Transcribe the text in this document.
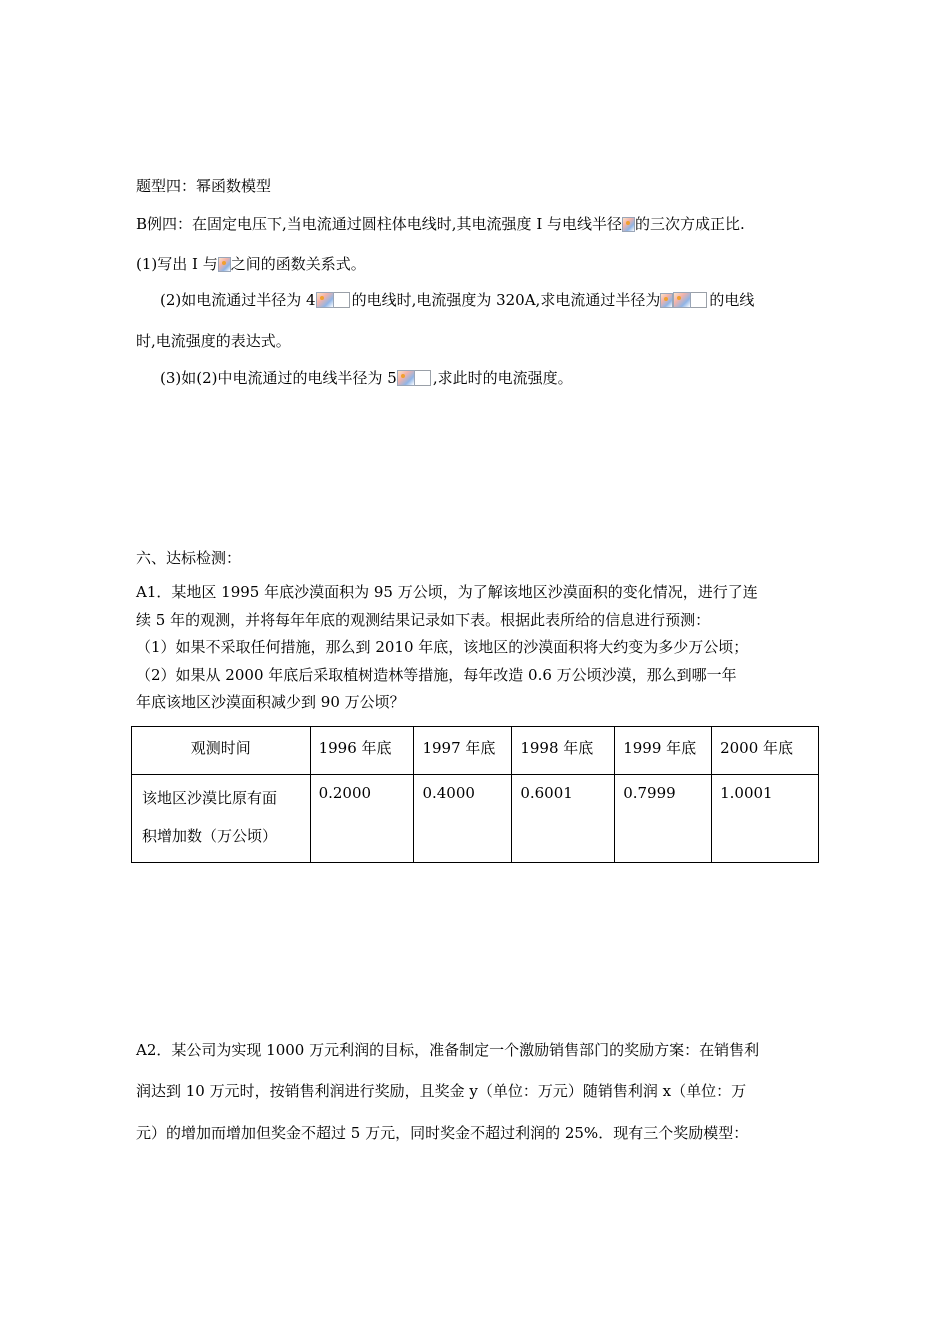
题型四：幂函数模型
B例四：在固定电压下,当电流通过圆柱体电线时,其电流强度 I 与电线半径 的三次方成正比.
(1)写出 I 与 之间的函数关系式。
(2)如电流通过半径为 4 的电线时,电流强度为 320A,求电流通过半径为	的电线
时,电流强度的表达式。
(3)如(2)中电流通过的电线半径为 5 ,求此时的电流强度。
六、达标检测：
A1．某地区 1995 年底沙漠面积为 95 万公顷，为了解该地区沙漠面积的变化情况，进行了连
续 5 年的观测，并将每年年底的观测结果记录如下表。根据此表所给的信息进行预测：
（1）如果不采取任何措施，那么到 2010 年底，该地区的沙漠面积将大约变为多少万公顷；
（2）如果从 2000 年底后采取植树造林等措施，每年改造 0.6 万公顷沙漠，那么到哪一年
年底该地区沙漠面积减少到 90 万公顷？
观测时间	1996 年底	1997 年底	1998 年底	1999 年底	2000 年底

该地区沙漠比原有面
积增加数（万公顷）	0.2000	0.4000	0.6001	0.7999	1.0001
A2．某公司为实现 1000 万元利润的目标，准备制定一个激励销售部门的奖励方案：在销售利
润达到 10 万元时，按销售利润进行奖励，且奖金 y（单位：万元）随销售利润 x（单位：万
元）的增加而增加但奖金不超过 5 万元，同时奖金不超过利润的 25%．现有三个奖励模型：
